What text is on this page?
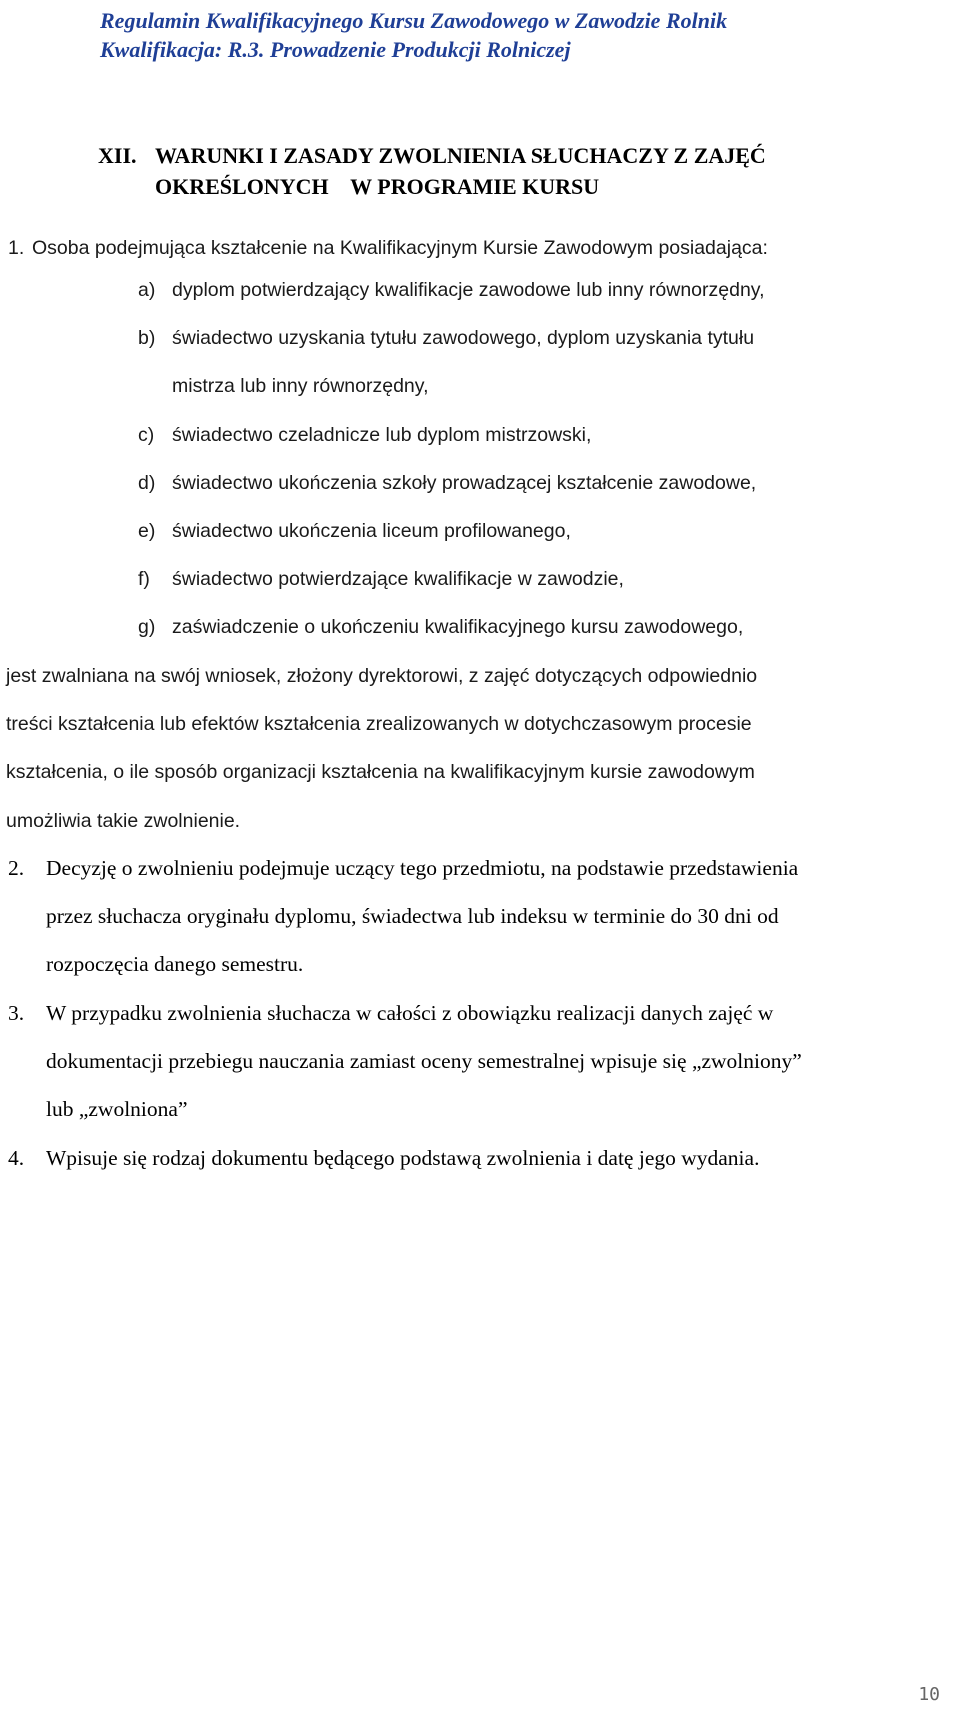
Regulamin Kwalifikacyjnego Kursu Zawodowego w Zawodzie Rolnik
Kwalifikacja: R.3. Prowadzenie Produkcji Rolniczej
XII. WARUNKI I ZASADY ZWOLNIENIA SŁUCHACZY Z ZAJĘĆ
OKREŚLONYCH    W PROGRAMIE KURSU
1. Osoba podejmująca kształcenie na Kwalifikacyjnym Kursie Zawodowym posiadająca:
a) dyplom potwierdzający kwalifikacje zawodowe lub inny równorzędny,
b) świadectwo uzyskania tytułu zawodowego, dyplom uzyskania tytułu
mistrza lub inny równorzędny,
c) świadectwo czeladnicze lub dyplom mistrzowski,
d) świadectwo ukończenia szkoły prowadzącej kształcenie zawodowe,
e) świadectwo ukończenia liceum profilowanego,
f) świadectwo potwierdzające kwalifikacje w zawodzie,
g) zaświadczenie o ukończeniu kwalifikacyjnego kursu zawodowego,
jest zwalniana na swój wniosek, złożony dyrektorowi, z zajęć dotyczących odpowiednio
treści kształcenia lub efektów kształcenia zrealizowanych w dotychczasowym procesie
kształcenia, o ile sposób organizacji kształcenia na kwalifikacyjnym kursie zawodowym
umożliwia takie zwolnienie.
2. Decyzję o zwolnieniu podejmuje uczący tego przedmiotu, na podstawie przedstawienia
przez słuchacza oryginału dyplomu, świadectwa lub indeksu w terminie do 30 dni od
rozpoczęcia danego semestru.
3. W przypadku zwolnienia słuchacza w całości z obowiązku realizacji danych zajęć w
dokumentacji przebiegu nauczania zamiast oceny semestralnej wpisuje się „zwolniony”
lub „zwolniona”
4. Wpisuje się rodzaj dokumentu będącego podstawą zwolnienia i datę jego wydania.
10
